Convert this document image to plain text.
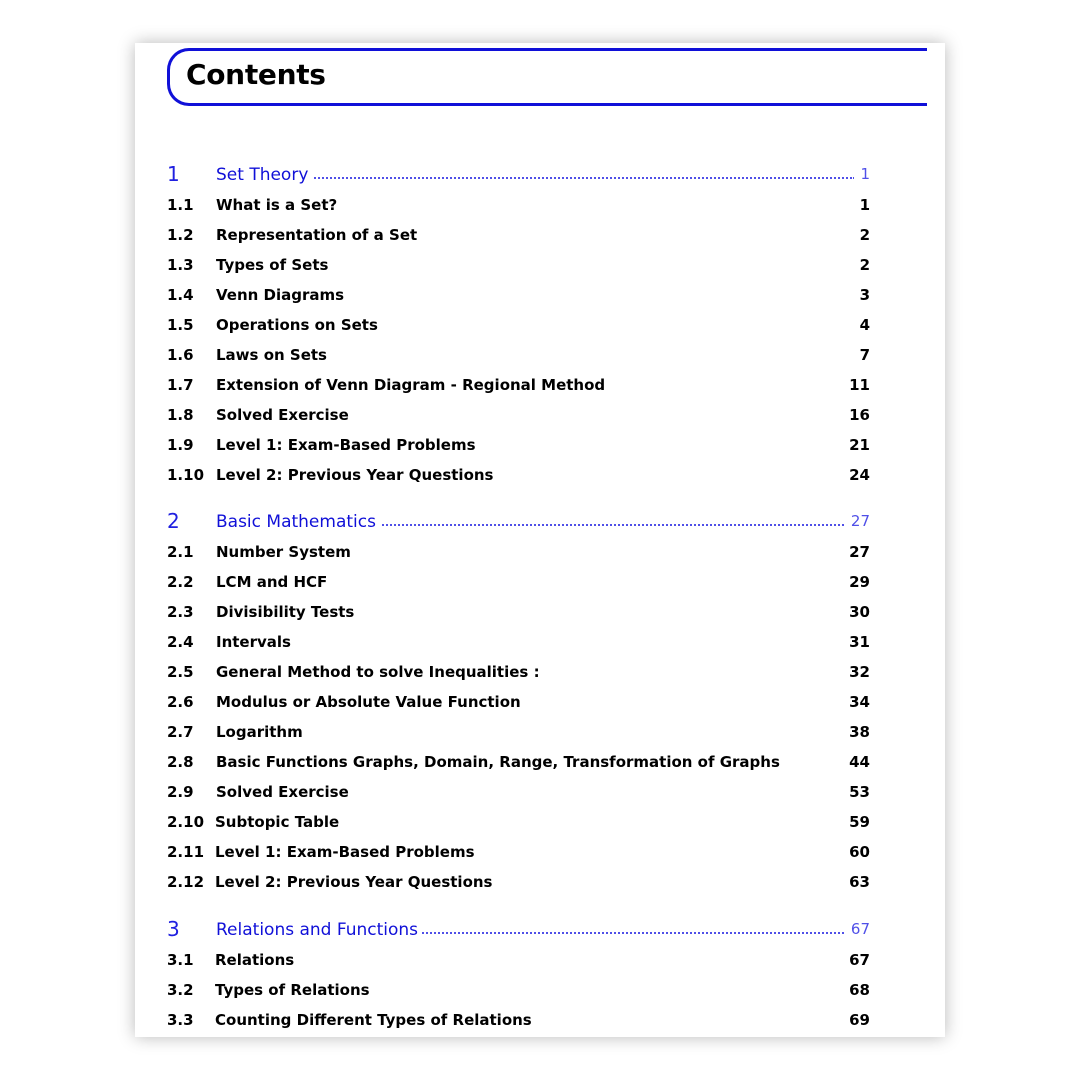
Contents
1 Set Theory	1
1.1 What is a Set?	1
1.2 Representation of a Set	2
1.3 Types of Sets	2
1.4 Venn Diagrams	3
1.5 Operations on Sets	4
1.6 Laws on Sets	7
1.7 Extension of Venn Diagram - Regional Method	11
1.8 Solved Exercise	16
1.9 Level 1: Exam-Based Problems	21
1.10 Level 2: Previous Year Questions	24
2 Basic Mathematics	27
2.1 Number System	27
2.2 LCM and HCF	29
2.3 Divisibility Tests	30
2.4 Intervals	31
2.5 General Method to solve Inequalities :	32
2.6 Modulus or Absolute Value Function	34
2.7 Logarithm	38
2.8 Basic Functions Graphs, Domain, Range, Transformation of Graphs	44
2.9 Solved Exercise	53
2.10 Subtopic Table	59
2.11 Level 1: Exam-Based Problems	60
2.12 Level 2: Previous Year Questions	63
3 Relations and Functions	67
3.1 Relations	67
3.2 Types of Relations	68
3.3 Counting Different Types of Relations	69
